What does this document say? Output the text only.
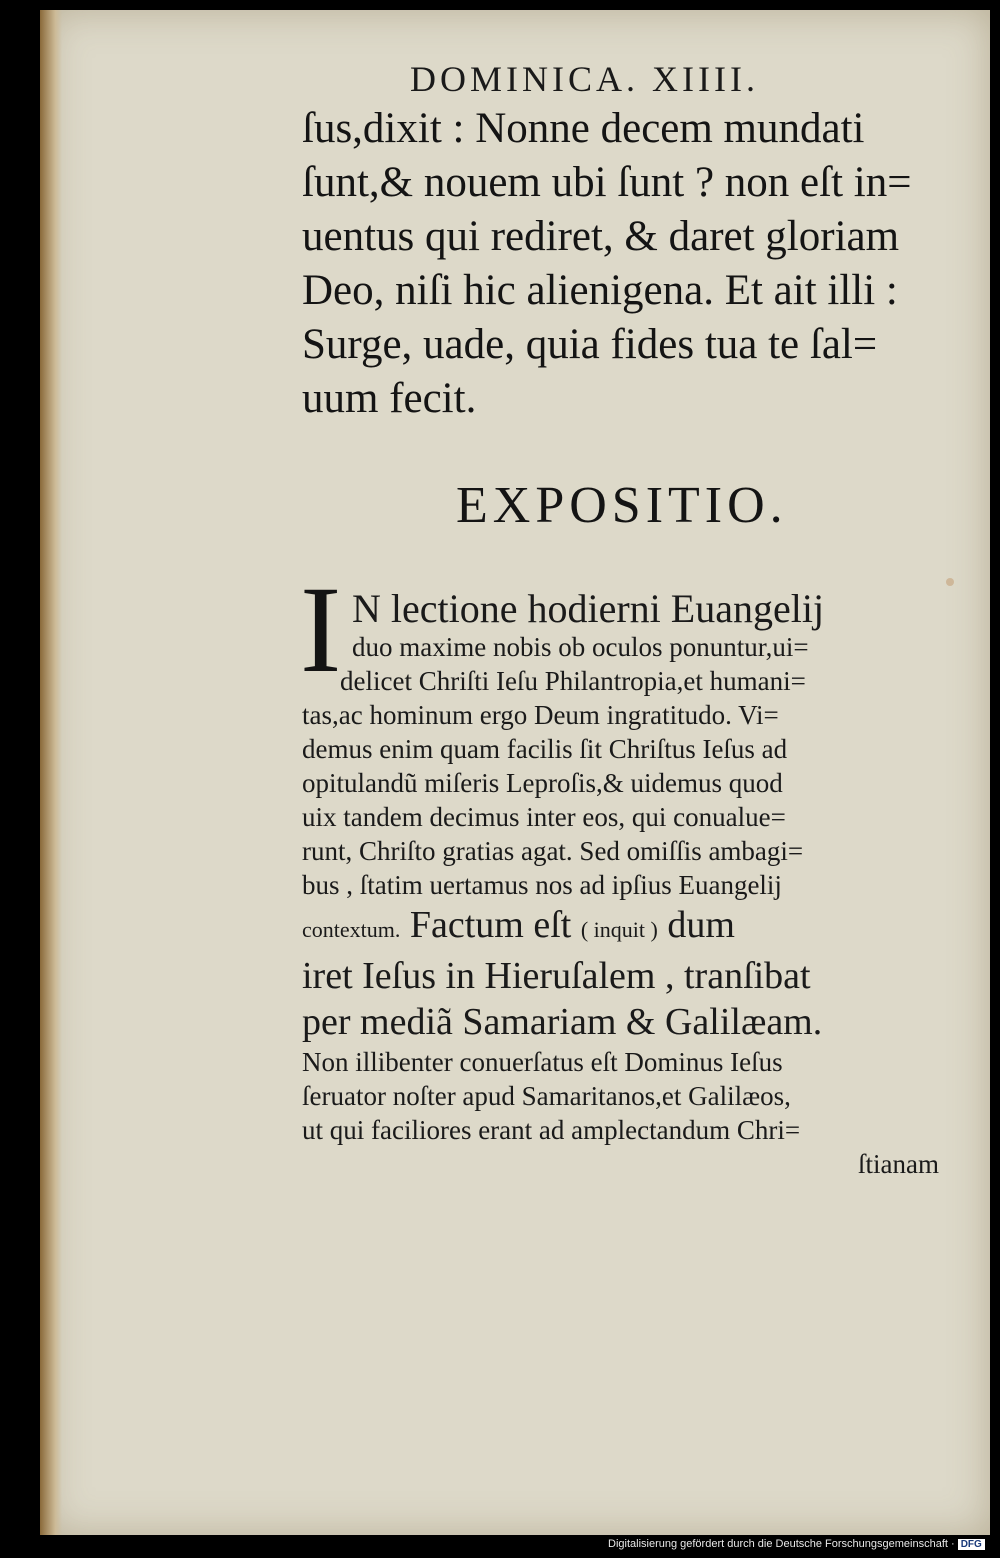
DOMINICA. XIIII.
ſus,dixit : Nonne decem mundati
ſunt,& nouem ubi ſunt ? non eſt in=
uentus qui rediret, & daret gloriam
Deo, niſi hic alienigena. Et ait illi :
Surge, uade, quia fides tua te ſal=
uum fecit.
EXPOSITIO.
I N lectione hodierni Euangelij
duo maxime nobis ob oculos ponuntur,ui=
delicet Chriſti Ieſu Philantropia,et humani=
tas,ac hominum ergo Deum ingratitudo. Vi=
demus enim quam facilis ſit Chriſtus Ieſus ad
opitulandũ miſeris Leproſis,& uidemus quod
uix tandem decimus inter eos, qui conualue=
runt, Chriſto gratias agat. Sed omiſſis ambagi=
bus , ſtatim uertamus nos ad ipſius Euangelij
contextum. Factum eſt ( inquit ) dum
iret Ieſus in Hieruſalem , tranſibat
per mediã Samariam & Galilæam.
Non illibenter conuerſatus eſt Dominus Ieſus
ſeruator noſter apud Samaritanos,et Galilæos,
ut qui faciliores erant ad amplectandum Chri=
ſtianam
Digitalisierung gefördert durch die Deutsche Forschungsgemeinschaft · DFG
